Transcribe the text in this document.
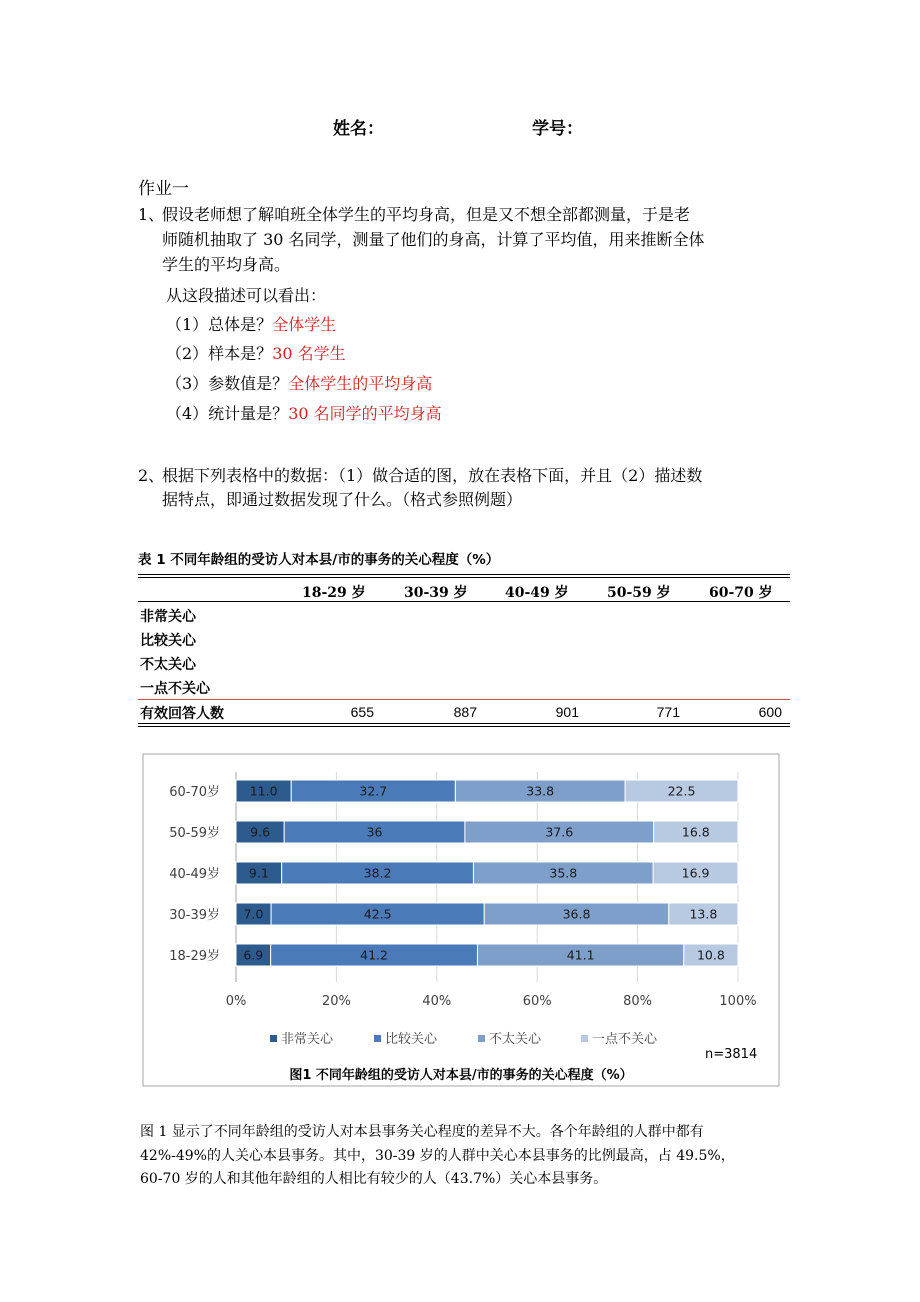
姓名：	学号：
作业一
1、
假设老师想了解咱班全体学生的平均身高，但是又不想全部都测量，于是老
师随机抽取了 30 名同学，测量了他们的身高，计算了平均值，用来推断全体
学生的平均身高。
从这段描述可以看出：
（1）总体是？全体学生
（2）样本是？30 名学生
（3）参数值是？全体学生的平均身高
（4）统计量是？30 名同学的平均身高
2、
根据下列表格中的数据：（1）做合适的图，放在表格下面，并且（2）描述数
据特点，即通过数据发现了什么。（格式参照例题）
表 1 不同年龄组的受访人对本县/市的事务的关心程度（%）
18-29 岁	30-39 岁	40-49 岁	50-59 岁	60-70 岁
非常关心
比较关心
不太关心
一点不关心
有效回答人数	655	887	901	771	600
11.0	32.7	33.8	22.5
9.6	36	37.6	16.8
9.1	38.2	35.8	16.9
7.0	42.5	36.8	13.8
6.9	41.2	41.1	10.8
60-70岁
50-59岁
40-49岁
30-39岁
18-29岁
0%	20%	40%	60%	80%	100%
非常关心	比较关心	不太关心	一点不关心
n=3814
图1 不同年龄组的受访人对本县/市的事务的关心程度（%）
图 1 显示了不同年龄组的受访人对本县事务关心程度的差异不大。各个年龄组的人群中都有
42%-49%的人关心本县事务。其中，30-39 岁的人群中关心本县事务的比例最高，占 49.5%，
60-70 岁的人和其他年龄组的人相比有较少的人（43.7%）关心本县事务。
